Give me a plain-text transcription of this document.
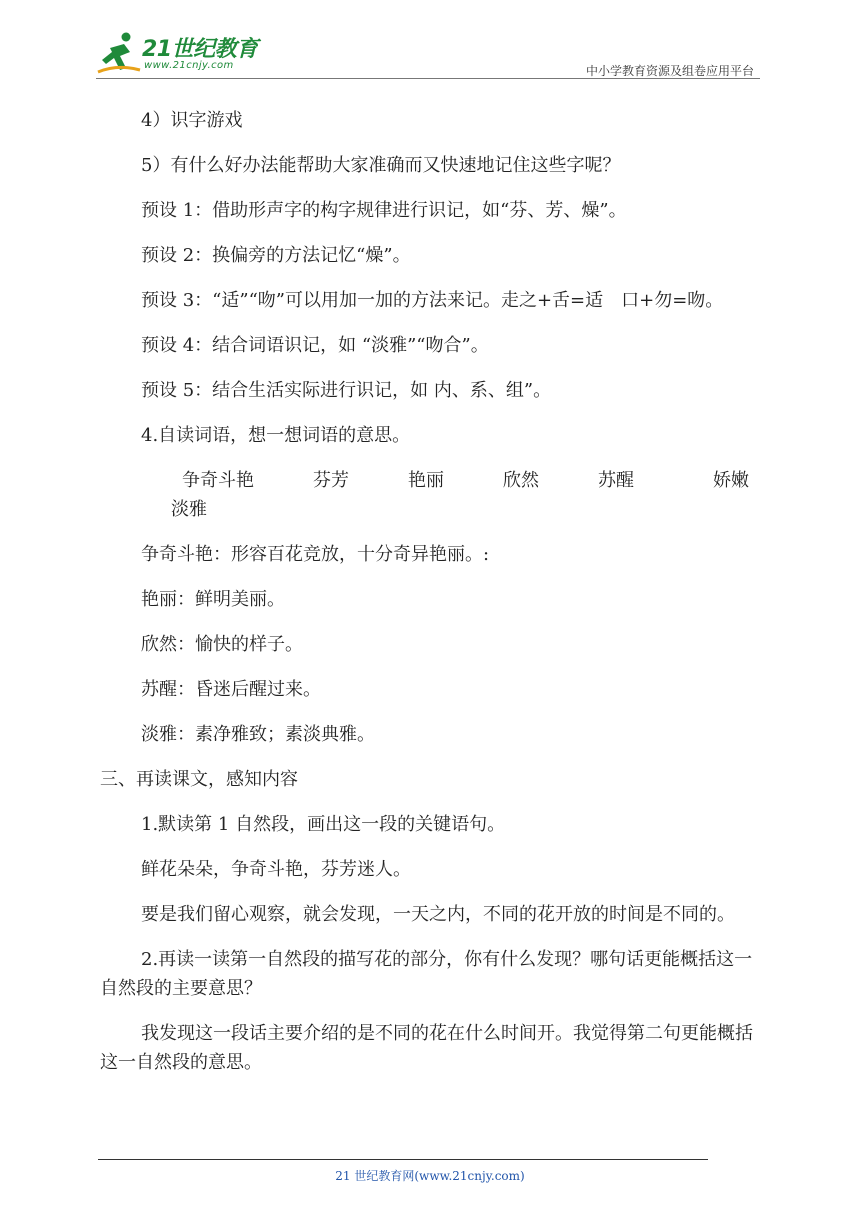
21世纪教育
www.21cnjy.com	中小学教育资源及组卷应用平台

4）识字游戏

5）有什么好办法能帮助大家准确而又快速地记住这些字呢？

预设 1：借助形声字的构字规律进行识记，如“芬、芳、燥”。

预设 2：换偏旁的方法记忆“燥”。

预设 3：“适”“吻”可以用加一加的方法来记。走之+舌=适　口+勿=吻。

预设 4：结合词语识记，如 “淡雅”“吻合”。

预设 5：结合生活实际进行识记，如 内、系、组”。

4.自读词语，想一想词语的意思。

争奇斗艳	芬芳	艳丽	欣然	苏醒	娇嫩淡雅

争奇斗艳：形容百花竞放，十分奇异艳丽。:

艳丽：鲜明美丽。

欣然：愉快的样子。

苏醒：昏迷后醒过来。

淡雅：素净雅致；素淡典雅。

三、再读课文，感知内容

1.默读第 1 自然段，画出这一段的关键语句。

鲜花朵朵，争奇斗艳，芬芳迷人。

要是我们留心观察，就会发现，一天之内，不同的花开放的时间是不同的。

2.再读一读第一自然段的描写花的部分，你有什么发现？哪句话更能概括这一自然段的主要意思？

我发现这一段话主要介绍的是不同的花在什么时间开。我觉得第二句更能概括这一自然段的意思。

21 世纪教育网(www.21cnjy.com)
